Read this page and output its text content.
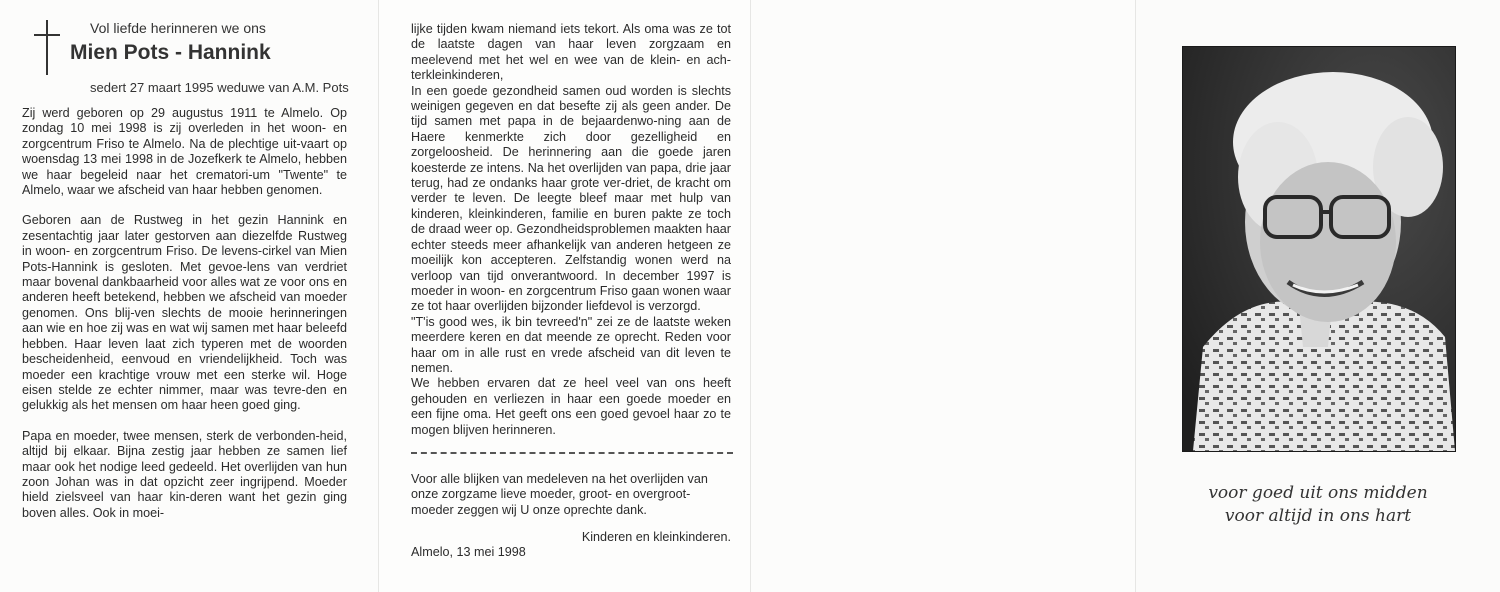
Vol liefde herinneren we ons
Mien Pots - Hannink
sedert 27 maart 1995 weduwe van A.M. Pots

Zij werd geboren op 29 augustus 1911 te Almelo. Op zondag 10 mei 1998 is zij overleden in het woon- en zorgcentrum Friso te Almelo. Na de plechtige uit-vaart op woensdag 13 mei 1998 in de Jozefkerk te Almelo, hebben we haar begeleid naar het crematori-um "Twente" te Almelo, waar we afscheid van haar hebben genomen.

Geboren aan de Rustweg in het gezin Hannink en zesentachtig jaar later gestorven aan diezelfde Rustweg in woon- en zorgcentrum Friso. De levens-cirkel van Mien Pots-Hannink is gesloten. Met gevoe-lens van verdriet maar bovenal dankbaarheid voor alles wat ze voor ons en anderen heeft betekend, hebben we afscheid van moeder genomen. Ons blij-ven slechts de mooie herinneringen aan wie en hoe zij was en wat wij samen met haar beleefd hebben. Haar leven laat zich typeren met de woorden bescheidenheid, eenvoud en vriendelijkheid. Toch was moeder een krachtige vrouw met een sterke wil. Hoge eisen stelde ze echter nimmer, maar was tevre-den en gelukkig als het mensen om haar heen goed ging.

Papa en moeder, twee mensen, sterk de verbonden-heid, altijd bij elkaar. Bijna zestig jaar hebben ze samen lief maar ook het nodige leed gedeeld. Het overlijden van hun zoon Johan was in dat opzicht zeer ingrijpend. Moeder hield zielsveel van haar kin-deren want het gezin ging boven alles. Ook in moei-

lijke tijden kwam niemand iets tekort. Als oma was ze tot de laatste dagen van haar leven zorgzaam en meelevend met het wel en wee van de klein- en ach-terkleinkinderen,

In een goede gezondheid samen oud worden is slechts weinigen gegeven en dat besefte zij als geen ander. De tijd samen met papa in de bejaardenwo-ning aan de Haere kenmerkte zich door gezelligheid en zorgeloosheid. De herinnering aan die goede jaren koesterde ze intens. Na het overlijden van papa, drie jaar terug, had ze ondanks haar grote ver-driet, de kracht om verder te leven. De leegte bleef maar met hulp van kinderen, kleinkinderen, familie en buren pakte ze toch de draad weer op. Gezondheidsproblemen maakten haar echter steeds meer afhankelijk van anderen hetgeen ze moeilijk kon accepteren. Zelfstandig wonen werd na verloop van tijd onverantwoord. In december 1997 is moeder in woon- en zorgcentrum Friso gaan wonen waar ze tot haar overlijden bijzonder liefdevol is verzorgd.

"T'is good wes, ik bin tevreed'n" zei ze de laatste weken meerdere keren en dat meende ze oprecht. Reden voor haar om in alle rust en vrede afscheid van dit leven te nemen.

We hebben ervaren dat ze heel veel van ons heeft gehouden en verliezen in haar een goede moeder en een fijne oma. Het geeft ons een goed gevoel haar zo te mogen blijven herinneren.

Voor alle blijken van medeleven na het overlijden van onze zorgzame lieve moeder, groot- en overgroot-moeder zeggen wij U onze oprechte dank.
Kinderen en kleinkinderen.
Almelo, 13 mei 1998
voor goed uit ons midden
voor altijd in ons hart
